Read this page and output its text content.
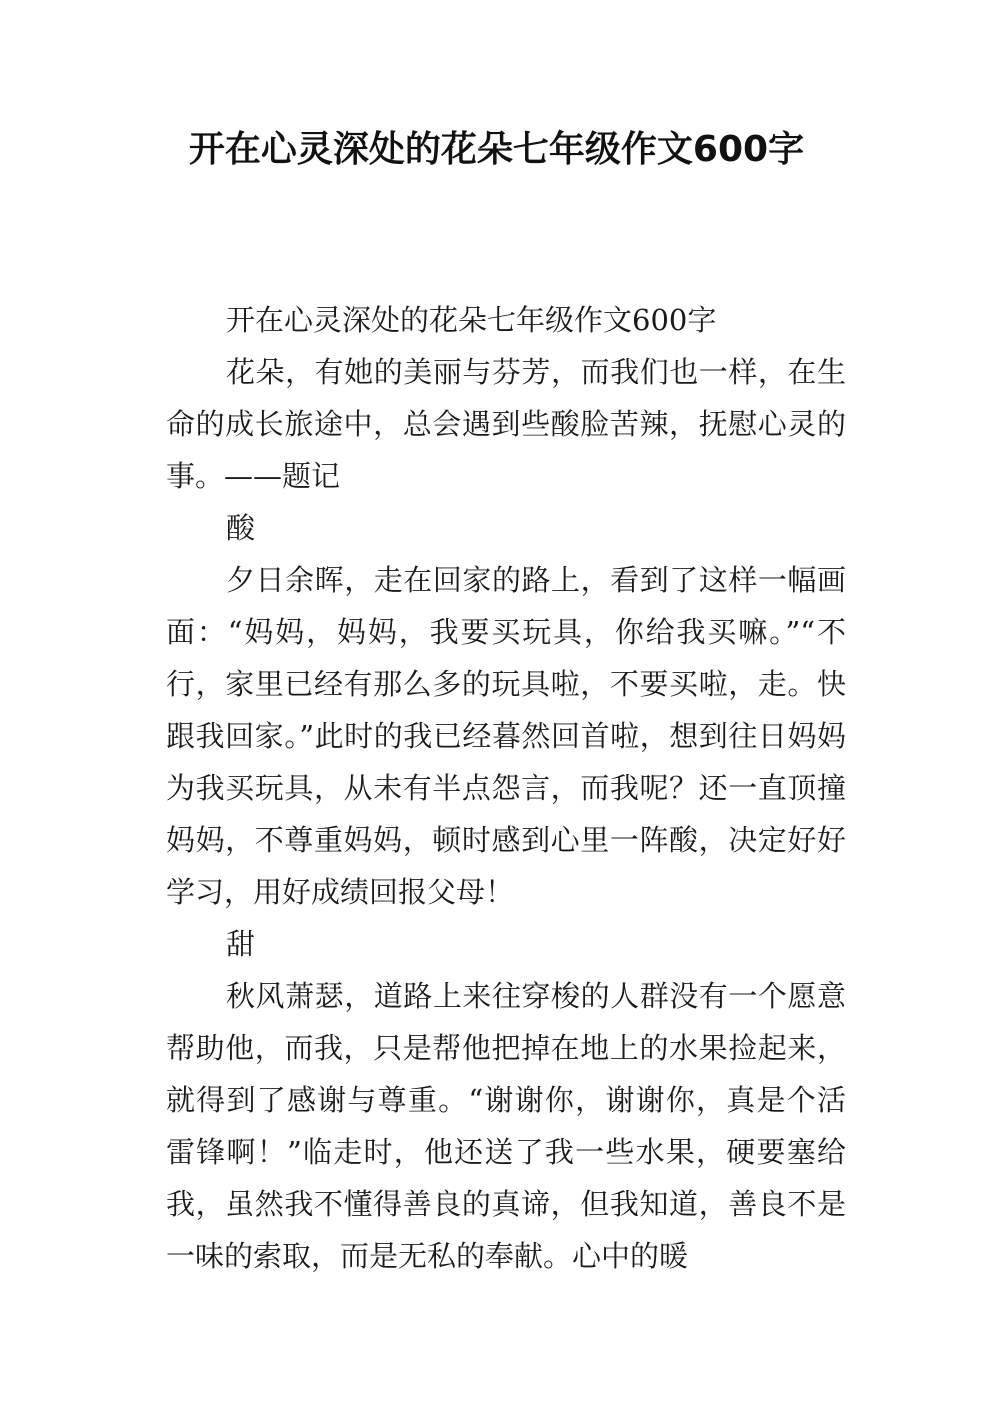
开在心灵深处的花朵七年级作文600字

开在心灵深处的花朵七年级作文600字

花朵，有她的美丽与芬芳，而我们也一样，在生命的成长旅途中，总会遇到些酸脸苦辣，抚慰心灵的事。——题记

酸

夕日余晖，走在回家的路上，看到了这样一幅画面：“妈妈，妈妈，我要买玩具，你给我买嘛。”“不行，家里已经有那么多的玩具啦，不要买啦，走。快跟我回家。”此时的我已经暮然回首啦，想到往日妈妈为我买玩具，从未有半点怨言，而我呢？还一直顶撞妈妈，不尊重妈妈，顿时感到心里一阵酸，决定好好学习，用好成绩回报父母！

甜

秋风萧瑟，道路上来往穿梭的人群没有一个愿意帮助他，而我，只是帮他把掉在地上的水果捡起来，就得到了感谢与尊重。“谢谢你，谢谢你，真是个活雷锋啊！”临走时，他还送了我一些水果，硬要塞给我，虽然我不懂得善良的真谛，但我知道，善良不是一味的索取，而是无私的奉献。心中的暖
